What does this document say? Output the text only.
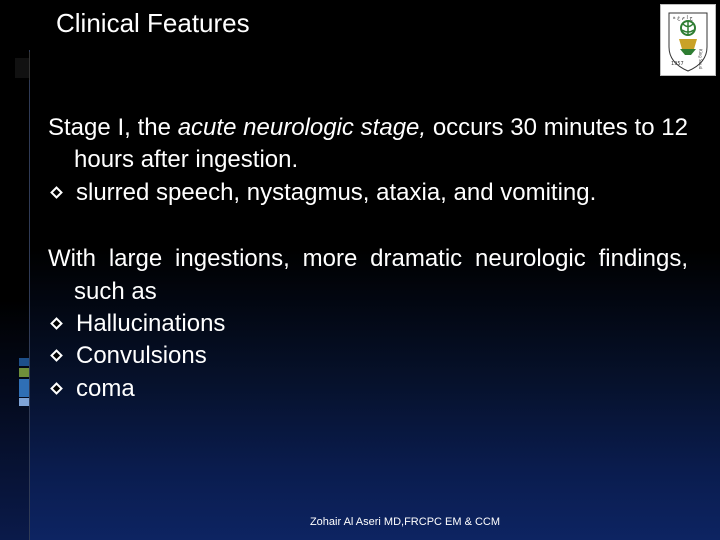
Clinical Features	ج ا م ع ة
1957	King Saud

Stage I, the acute neurologic stage, occurs 30 minutes to 12 hours after ingestion.

slurred speech, nystagmus, ataxia, and vomiting.

With large ingestions, more dramatic neurologic findings, such as

Hallucinations
Convulsions
coma
Zohair Al Aseri MD,FRCPC EM & CCM
